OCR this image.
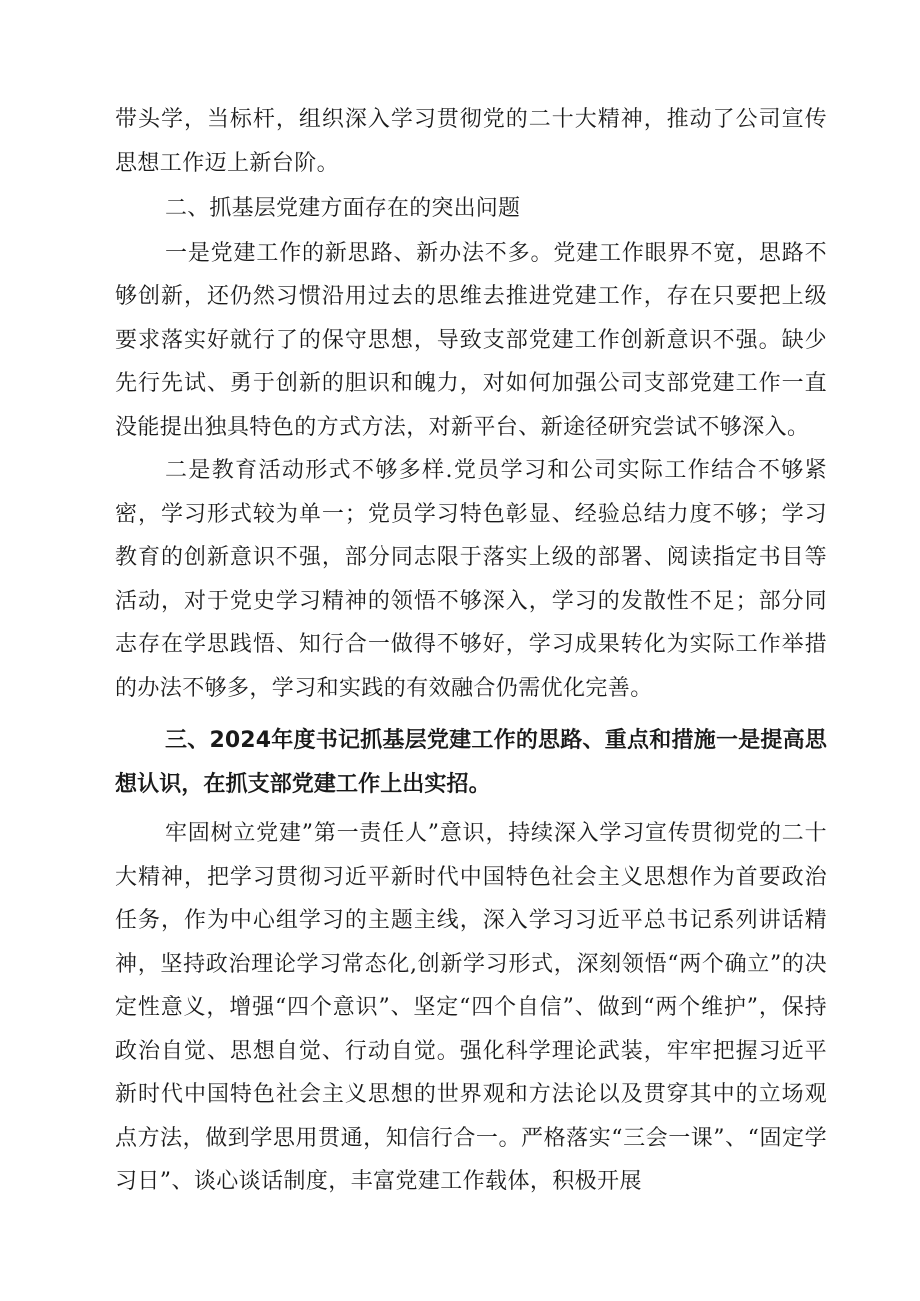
带头学，当标杆，组织深入学习贯彻党的二十大精神，推动了公司宣传思想工作迈上新台阶。

二、抓基层党建方面存在的突出问题

一是党建工作的新思路、新办法不多。党建工作眼界不宽，思路不够创新，还仍然习惯沿用过去的思维去推进党建工作，存在只要把上级要求落实好就行了的保守思想，导致支部党建工作创新意识不强。缺少先行先试、勇于创新的胆识和魄力，对如何加强公司支部党建工作一直没能提出独具特色的方式方法，对新平台、新途径研究尝试不够深入。

二是教育活动形式不够多样.党员学习和公司实际工作结合不够紧密，学习形式较为单一；党员学习特色彰显、经验总结力度不够；学习教育的创新意识不强，部分同志限于落实上级的部署、阅读指定书目等活动，对于党史学习精神的领悟不够深入，学习的发散性不足；部分同志存在学思践悟、知行合一做得不够好，学习成果转化为实际工作举措的办法不够多，学习和实践的有效融合仍需优化完善。

三、2024年度书记抓基层党建工作的思路、重点和措施一是提高思想认识，在抓支部党建工作上出实招。

牢固树立党建”第一责任人”意识，持续深入学习宣传贯彻党的二十大精神，把学习贯彻习近平新时代中国特色社会主义思想作为首要政治任务，作为中心组学习的主题主线，深入学习习近平总书记系列讲话精神，坚持政治理论学习常态化,创新学习形式，深刻领悟“两个确立”的决定性意义，增强“四个意识”、坚定“四个自信”、做到“两个维护”，保持政治自觉、思想自觉、行动自觉。强化科学理论武装，牢牢把握习近平新时代中国特色社会主义思想的世界观和方法论以及贯穿其中的立场观点方法，做到学思用贯通，知信行合一。严格落实“三会一课”、“固定学习日”、谈心谈话制度，丰富党建工作载体，积极开展
